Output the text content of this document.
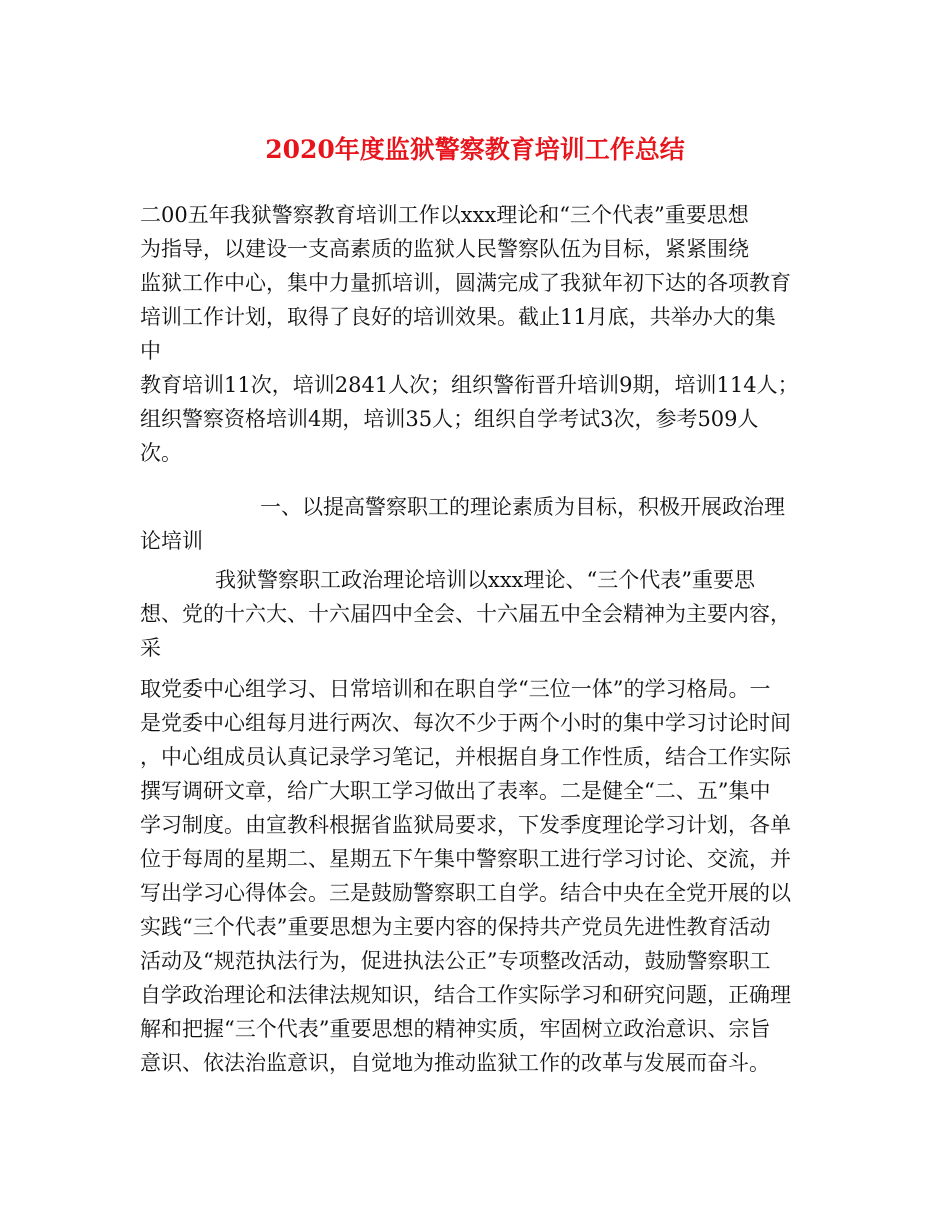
2020年度监狱警察教育培训工作总结
二00五年我狱警察教育培训工作以xxx理论和“三个代表”重要思想
为指导，以建设一支高素质的监狱人民警察队伍为目标，紧紧围绕
监狱工作中心，集中力量抓培训，圆满完成了我狱年初下达的各项教育
培训工作计划，取得了良好的培训效果。截止11月底，共举办大的集
中
教育培训11次，培训2841人次；组织警衔晋升培训9期，培训114人；
组织警察资格培训4期，培训35人；组织自学考试3次，参考509人
次。
一、以提高警察职工的理论素质为目标，积极开展政治理
论培训
我狱警察职工政治理论培训以xxx理论、“三个代表”重要思
想、党的十六大、十六届四中全会、十六届五中全会精神为主要内容，
采
取党委中心组学习、日常培训和在职自学“三位一体”的学习格局。一
是党委中心组每月进行两次、每次不少于两个小时的集中学习讨论时间
，中心组成员认真记录学习笔记，并根据自身工作性质，结合工作实际
撰写调研文章，给广大职工学习做出了表率。二是健全“二、五”集中
学习制度。由宣教科根据省监狱局要求，下发季度理论学习计划，各单
位于每周的星期二、星期五下午集中警察职工进行学习讨论、交流，并
写出学习心得体会。三是鼓励警察职工自学。结合中央在全党开展的以
实践“三个代表”重要思想为主要内容的保持共产党员先进性教育活动
活动及“规范执法行为，促进执法公正”专项整改活动，鼓励警察职工
自学政治理论和法律法规知识，结合工作实际学习和研究问题，正确理
解和把握“三个代表”重要思想的精神实质，牢固树立政治意识、宗旨
意识、依法治监意识，自觉地为推动监狱工作的改革与发展而奋斗。
